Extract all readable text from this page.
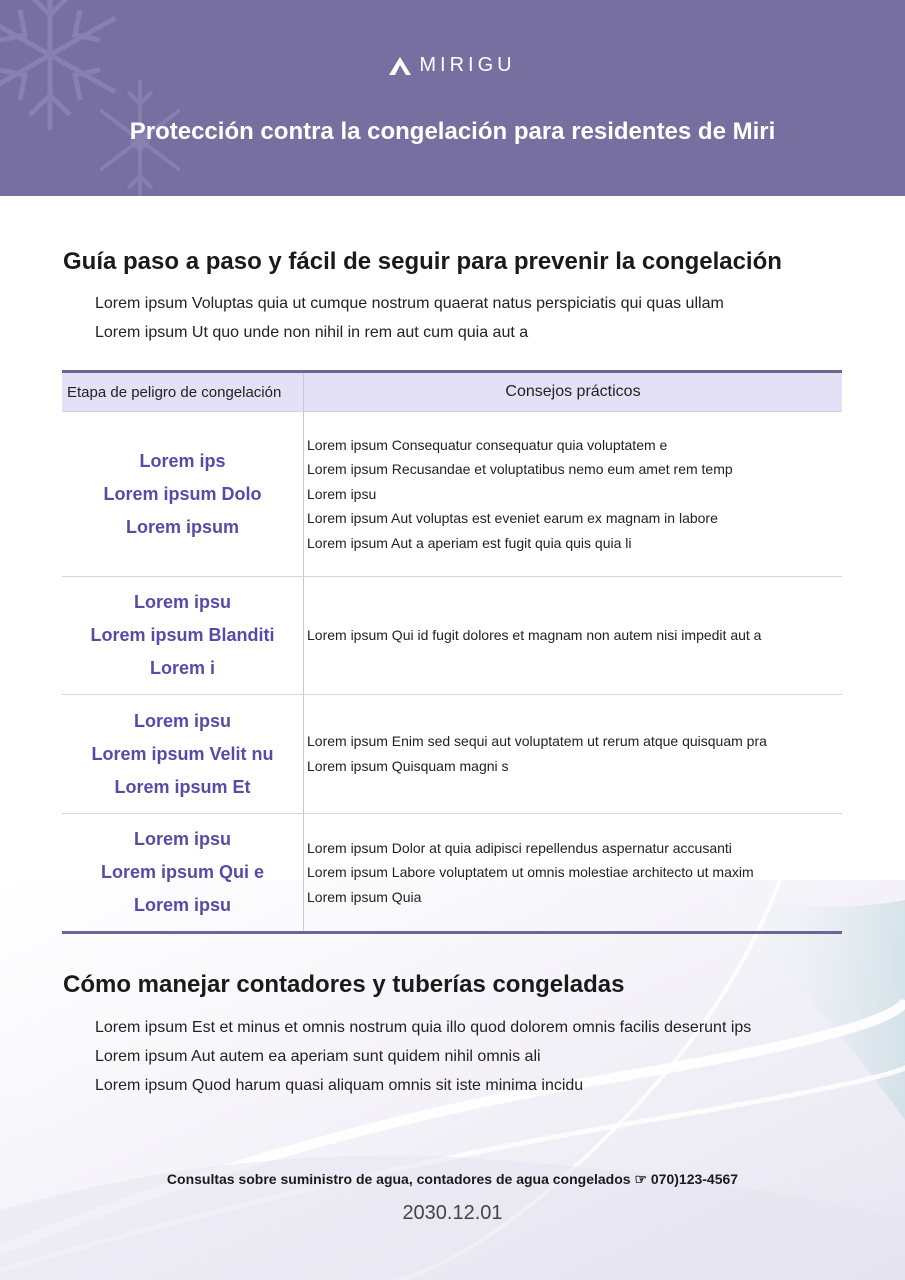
MIRIGU
Protección contra la congelación para residentes de Miri
Guía paso a paso y fácil de seguir para prevenir la congelación
Lorem ipsum Voluptas quia ut cumque nostrum quaerat natus perspiciatis qui quas ullam
Lorem ipsum Ut quo unde non nihil in rem aut cum quia aut a
Etapa de peligro de congelación	Consejos prácticos
Lorem ips
Lorem ipsum Dolo
Lorem ipsum
Lorem ipsum Consequatur consequatur quia voluptatem e
Lorem ipsum Recusandae et voluptatibus nemo eum amet rem temp
Lorem ipsu
Lorem ipsum Aut voluptas est eveniet earum ex magnam in labore
Lorem ipsum Aut a aperiam est fugit quia quis quia li
Lorem ipsu
Lorem ipsum Blanditi
Lorem i
Lorem ipsum Qui id fugit dolores et magnam non autem nisi impedit aut a
Lorem ipsu
Lorem ipsum Velit nu
Lorem ipsum Et
Lorem ipsum Enim sed sequi aut voluptatem ut rerum atque quisquam pra
Lorem ipsum Quisquam magni s
Lorem ipsu
Lorem ipsum Qui e
Lorem ipsu
Lorem ipsum Dolor at quia adipisci repellendus aspernatur accusanti
Lorem ipsum Labore voluptatem ut omnis molestiae architecto ut maxim
Lorem ipsum Quia
Cómo manejar contadores y tuberías congeladas
Lorem ipsum Est et minus et omnis nostrum quia illo quod dolorem omnis facilis deserunt ips
Lorem ipsum Aut autem ea aperiam sunt quidem nihil omnis ali
Lorem ipsum Quod harum quasi aliquam omnis sit iste minima incidu
Consultas sobre suministro de agua, contadores de agua congelados ☞ 070)123-4567
2030.12.01
